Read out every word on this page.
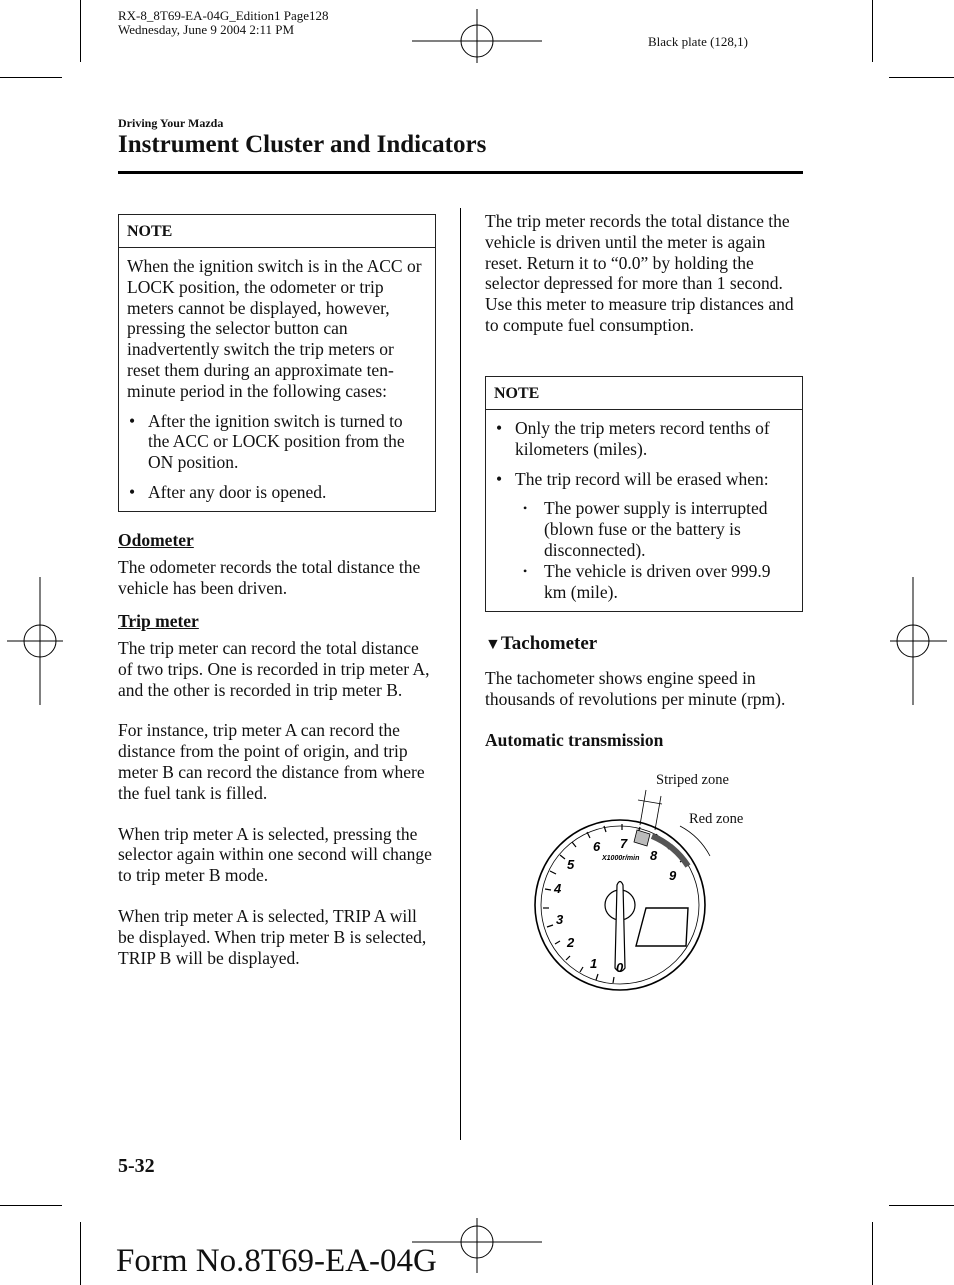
RX-8_8T69-EA-04G_Edition1 Page128
Wednesday, June 9 2004 2:11 PM
Black plate (128,1)
Driving Your Mazda
Instrument Cluster and Indicators
NOTE

When the ignition switch is in the ACC or LOCK position, the odometer or trip meters cannot be displayed, however, pressing the selector button can inadvertently switch the trip meters or reset them during an approximate ten-minute period in the following cases:

• After the ignition switch is turned to the ACC or LOCK position from the ON position.
• After any door is opened.
Odometer

The odometer records the total distance the vehicle has been driven.

Trip meter

The trip meter can record the total distance of two trips. One is recorded in trip meter A, and the other is recorded in trip meter B.

For instance, trip meter A can record the distance from the point of origin, and trip meter B can record the distance from where the fuel tank is filled.

When trip meter A is selected, pressing the selector again within one second will change to trip meter B mode.

When trip meter A is selected, TRIP A will be displayed. When trip meter B is selected, TRIP B will be displayed.

The trip meter records the total distance the vehicle is driven until the meter is again reset. Return it to “0.0” by holding the selector depressed for more than 1 second. Use this meter to measure trip distances and to compute fuel consumption.

NOTE
• Only the trip meters record tenths of kilometers (miles).
• The trip record will be erased when:
• The power supply is interrupted (blown fuse or the battery is disconnected).
• The vehicle is driven over 999.9 km (mile).
▼Tachometer

The tachometer shows engine speed in thousands of revolutions per minute (rpm).

Automatic transmission
Striped zone
Red zone
0
1
2
3
4
5
6 7
8
9
X1000r/min
5-32
Form No.8T69-EA-04G
